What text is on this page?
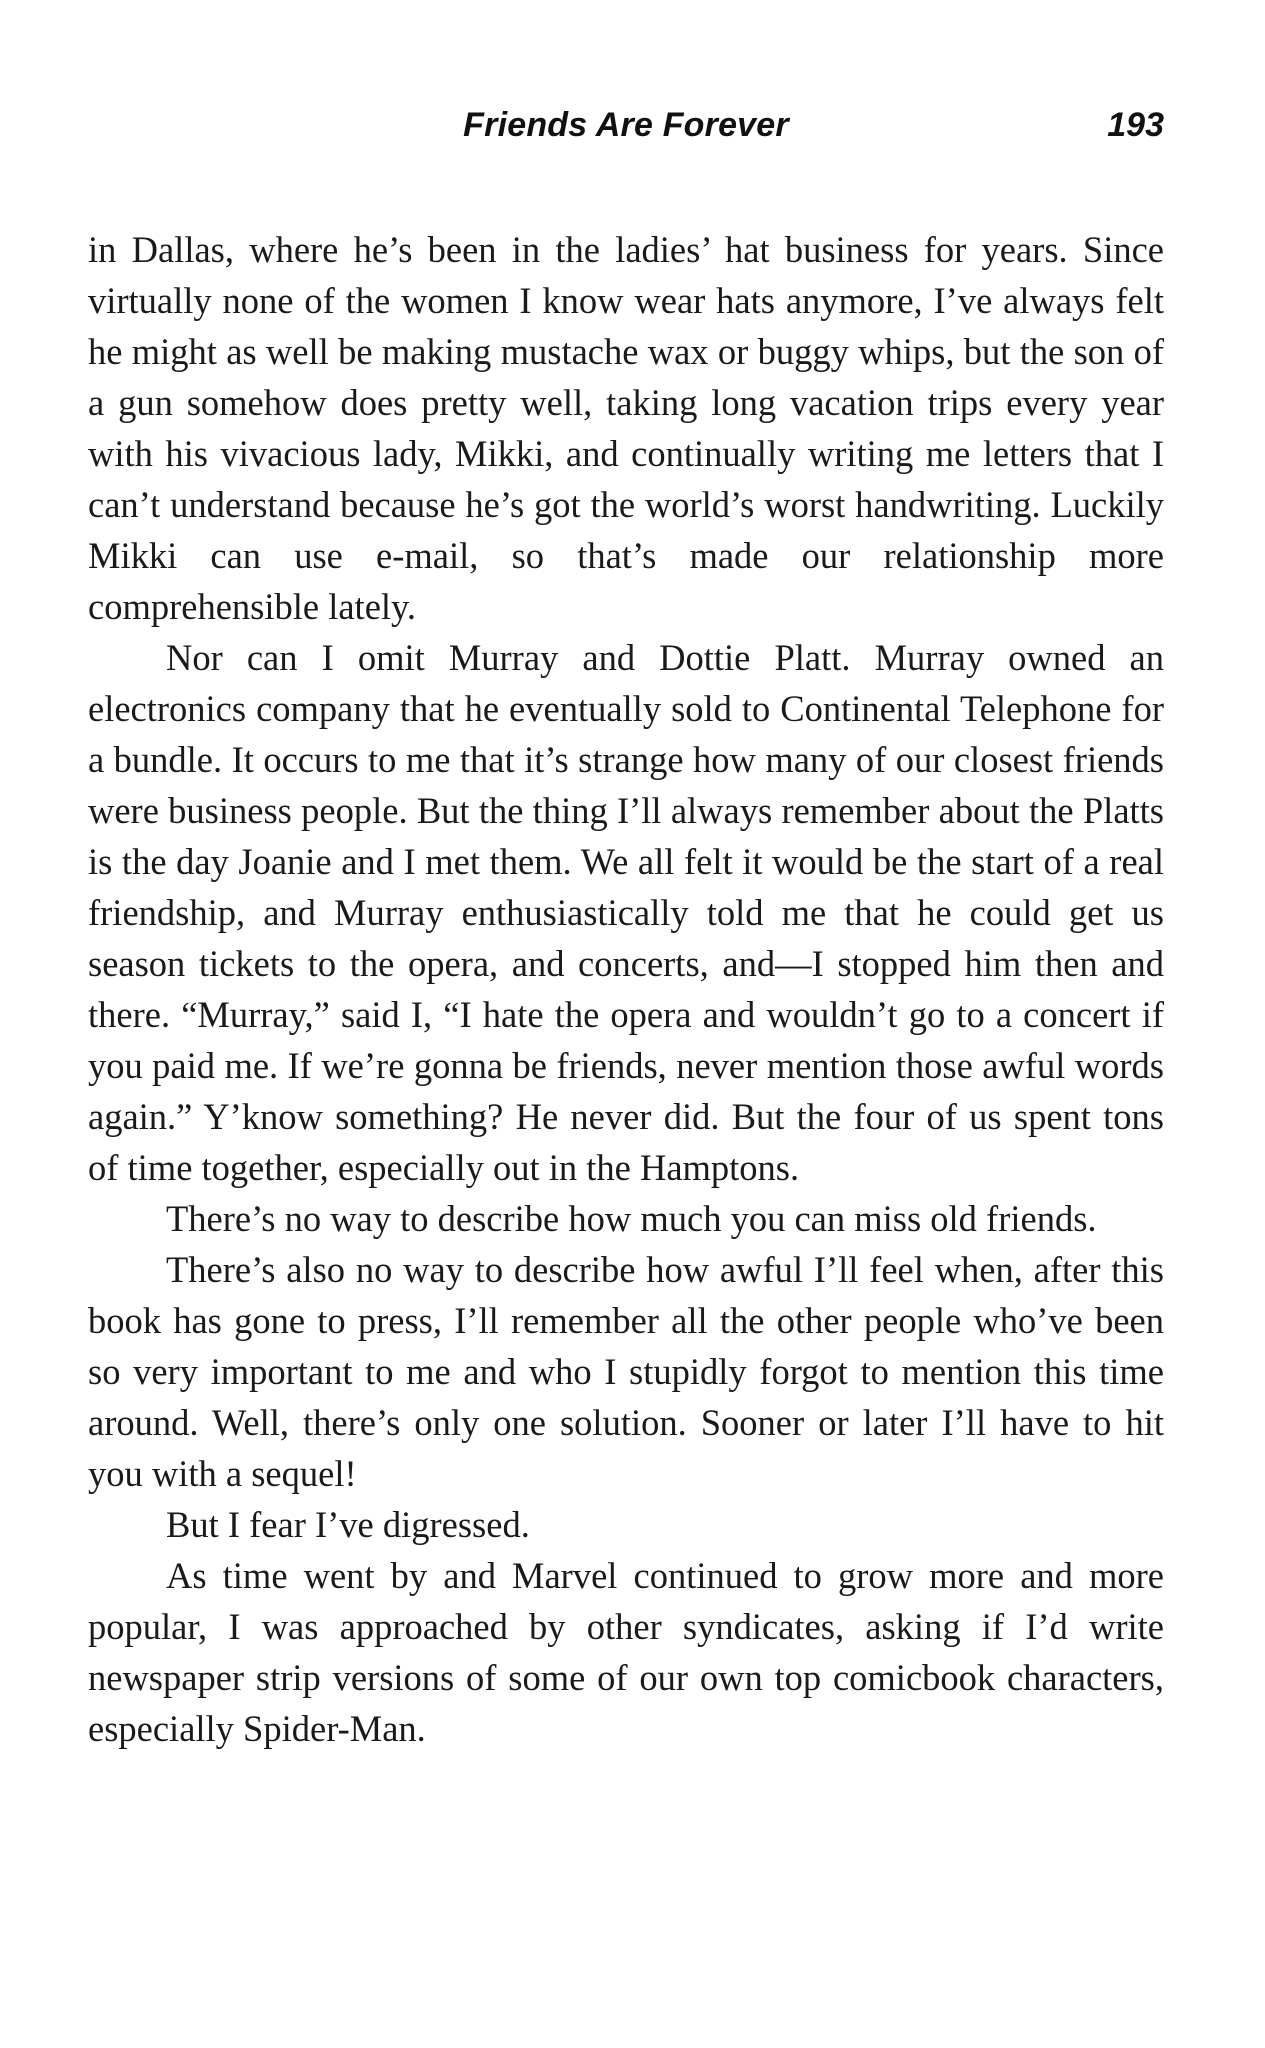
Friends Are Forever	193

in Dallas, where he’s been in the ladies’ hat business for years. Since virtually none of the women I know wear hats anymore, I’ve always felt he might as well be making mustache wax or buggy whips, but the son of a gun somehow does pretty well, taking long vacation trips every year with his vivacious lady, Mikki, and continually writing me letters that I can’t understand because he’s got the world’s worst handwriting. Luckily Mikki can use e-mail, so that’s made our relationship more comprehensible lately.

Nor can I omit Murray and Dottie Platt. Murray owned an electronics company that he eventually sold to Continental Telephone for a bundle. It occurs to me that it’s strange how many of our closest friends were business people. But the thing I’ll always remember about the Platts is the day Joanie and I met them. We all felt it would be the start of a real friendship, and Murray enthusiastically told me that he could get us season tickets to the opera, and concerts, and—I stopped him then and there. “Murray,” said I, “I hate the opera and wouldn’t go to a concert if you paid me. If we’re gonna be friends, never mention those awful words again.” Y’know something? He never did. But the four of us spent tons of time together, especially out in the Hamptons.

There’s no way to describe how much you can miss old friends.

There’s also no way to describe how awful I’ll feel when, after this book has gone to press, I’ll remember all the other people who’ve been so very important to me and who I stupidly forgot to mention this time around. Well, there’s only one solution. Sooner or later I’ll have to hit you with a sequel!

But I fear I’ve digressed.

As time went by and Marvel continued to grow more and more popular, I was approached by other syndicates, asking if I’d write newspaper strip versions of some of our own top comicbook characters, especially Spider-Man.
